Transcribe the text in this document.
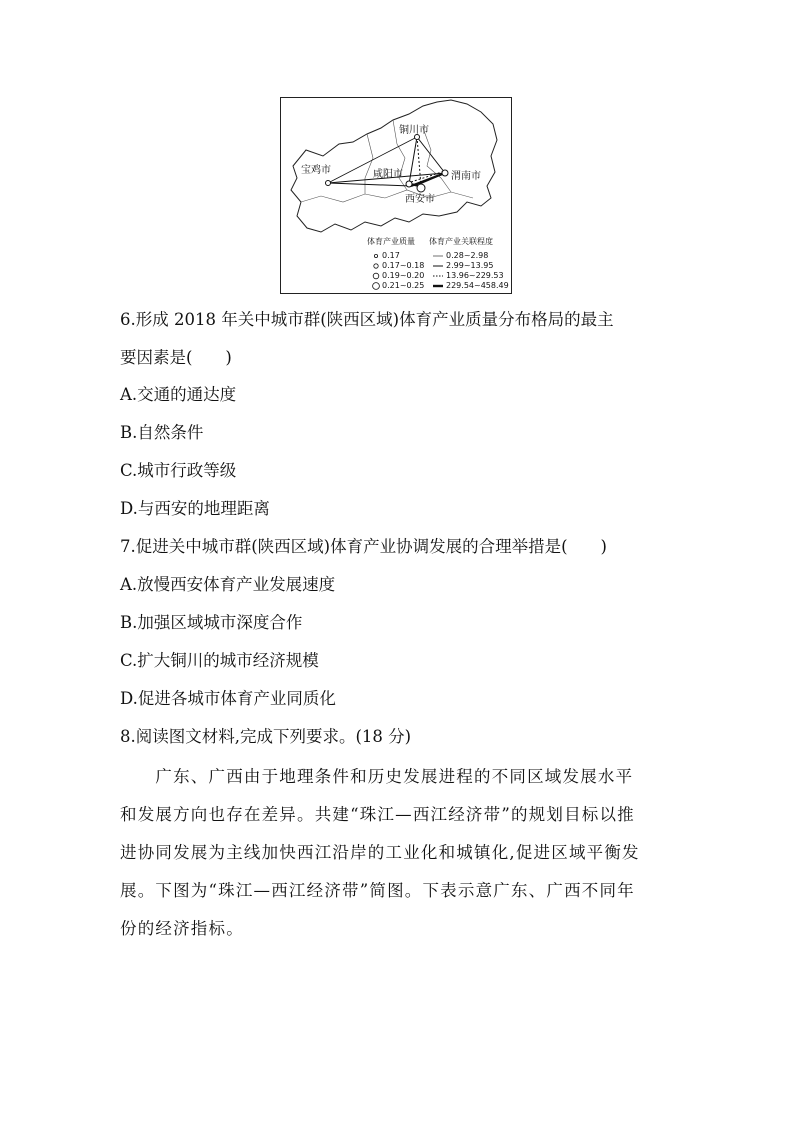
宝鸡市
铜川市
咸阳市	渭南市
西安市
体育产业质量 体育产业关联程度
0.17
0.17~0.18
0.19~0.20
0.21~0.25
0.28~2.98
2.99~13.95
13.96~229.53
229.54~458.49
6.形成 2018 年关中城市群(陕西区域)体育产业质量分布格局的最主
要因素是(　　)
A.交通的通达度
B.自然条件
C.城市行政等级
D.与西安的地理距离
7.促进关中城市群(陕西区域)体育产业协调发展的合理举措是(　　)
A.放慢西安体育产业发展速度
B.加强区域城市深度合作
C.扩大铜川的城市经济规模
D.促进各城市体育产业同质化
8.阅读图文材料,完成下列要求。(18 分)
　　广东、广西由于地理条件和历史发展进程的不同区域发展水平
和发展方向也存在差异。共建“珠江—西江经济带”的规划目标以推
进协同发展为主线加快西江沿岸的工业化和城镇化,促进区域平衡发
展。下图为“珠江—西江经济带”简图。下表示意广东、广西不同年
份的经济指标。
